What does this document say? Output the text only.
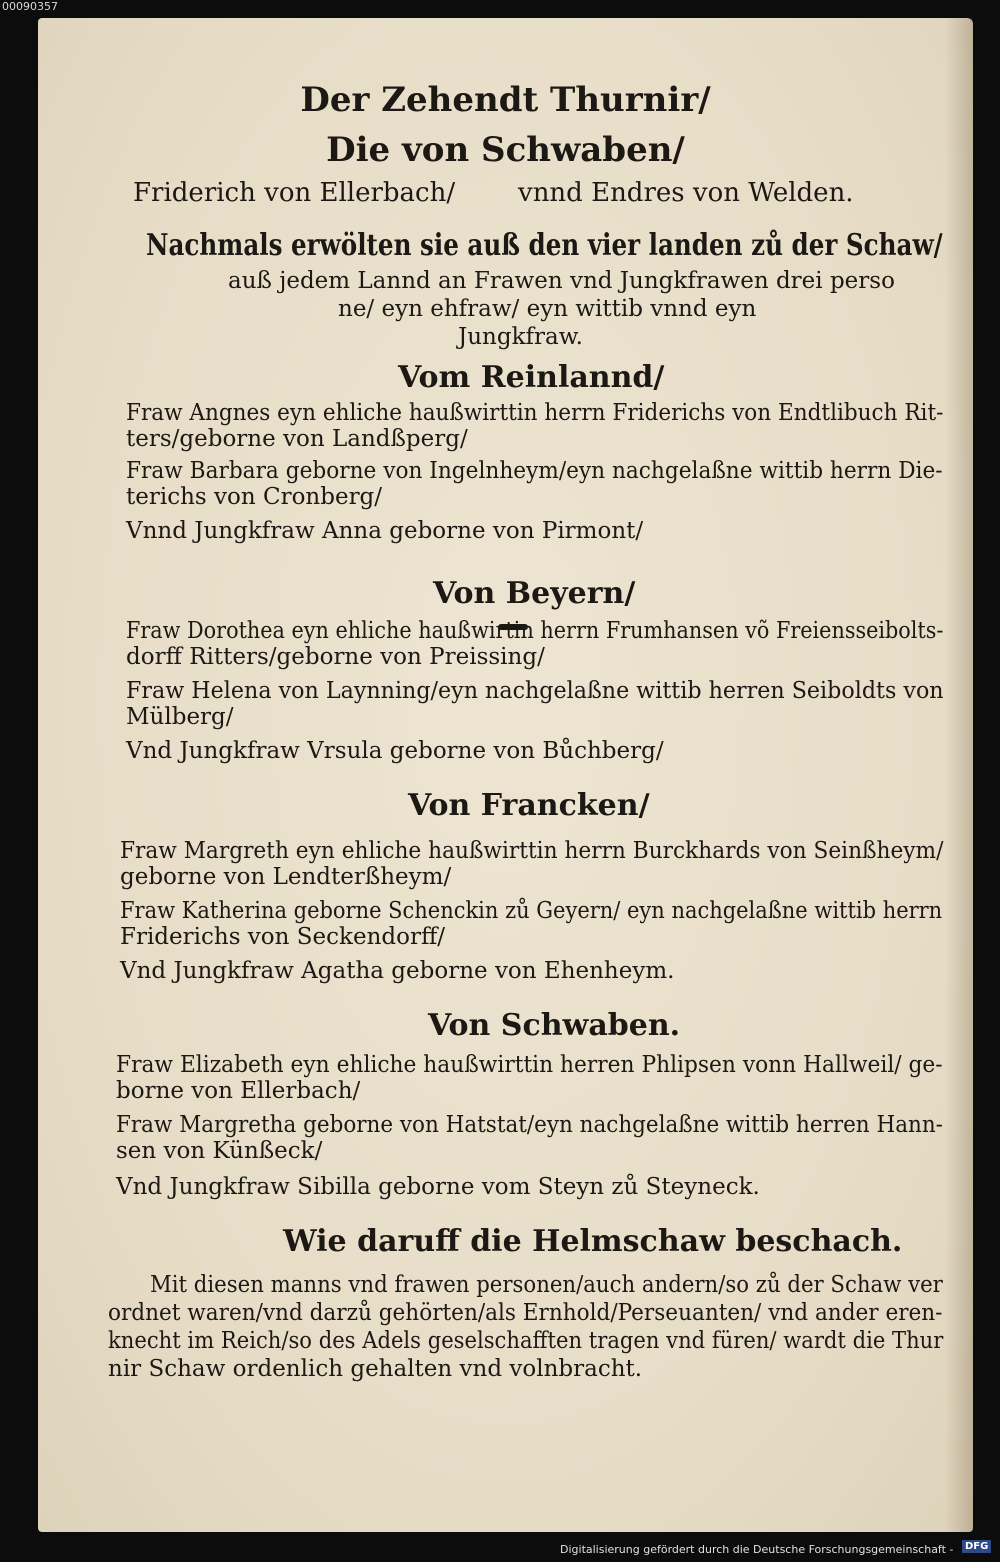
00090357

Der Zehendt Thurnir/

Die von Schwaben/

Friderich von Ellerbach/ vnnd Endres von Welden.

Nachmals erwölten sie auß den vier landen zů der Schaw/

auß jedem Lannd an Frawen vnd Jungkfrawen drei perso

ne/ eyn ehfraw/ eyn wittib vnnd eyn

Jungkfraw.

Vom Reinlannd/

Fraw Angnes eyn ehliche haußwirttin herrn Friderichs von Endtlibuch Rit-

ters/geborne von Landßperg/

Fraw Barbara geborne von Ingelnheym/eyn nachgelaßne wittib herrn Die-

terichs von Cronberg/

Vnnd Jungkfraw Anna geborne von Pirmont/

Von Beyern/

Fraw Dorothea eyn ehliche haußwirtin herrn Frumhansen võ Freiensseibolts-

dorff Ritters/geborne von Preissing/

Fraw Helena von Laynning/eyn nachgelaßne wittib herren Seiboldts von

Mülberg/

Vnd Jungkfraw Vrsula geborne von Bůchberg/

Von Francken/

Fraw Margreth eyn ehliche haußwirttin herrn Burckhards von Seinßheym/

geborne von Lendterßheym/

Fraw Katherina geborne Schenckin zů Geyern/ eyn nachgelaßne wittib herrn

Friderichs von Seckendorff/

Vnd Jungkfraw Agatha geborne von Ehenheym.

Von Schwaben.

Fraw Elizabeth eyn ehliche haußwirttin herren Phlipsen vonn Hallweil/ ge-

borne von Ellerbach/

Fraw Margretha geborne von Hatstat/eyn nachgelaßne wittib herren Hann-

sen von Künßeck/

Vnd Jungkfraw Sibilla geborne vom Steyn zů Steyneck.

Wie daruff die Helmschaw beschach.

Mit diesen manns vnd frawen personen/auch andern/so zů der Schaw ver

ordnet waren/vnd darzů gehörten/als Ernhold/Perseuanten/ vnd ander eren-

knecht im Reich/so des Adels geselschafften tragen vnd füren/ wardt die Thur

nir Schaw ordenlich gehalten vnd volnbracht.

Digitalisierung gefördert durch die Deutsche Forschungsgemeinschaft -	DFG
